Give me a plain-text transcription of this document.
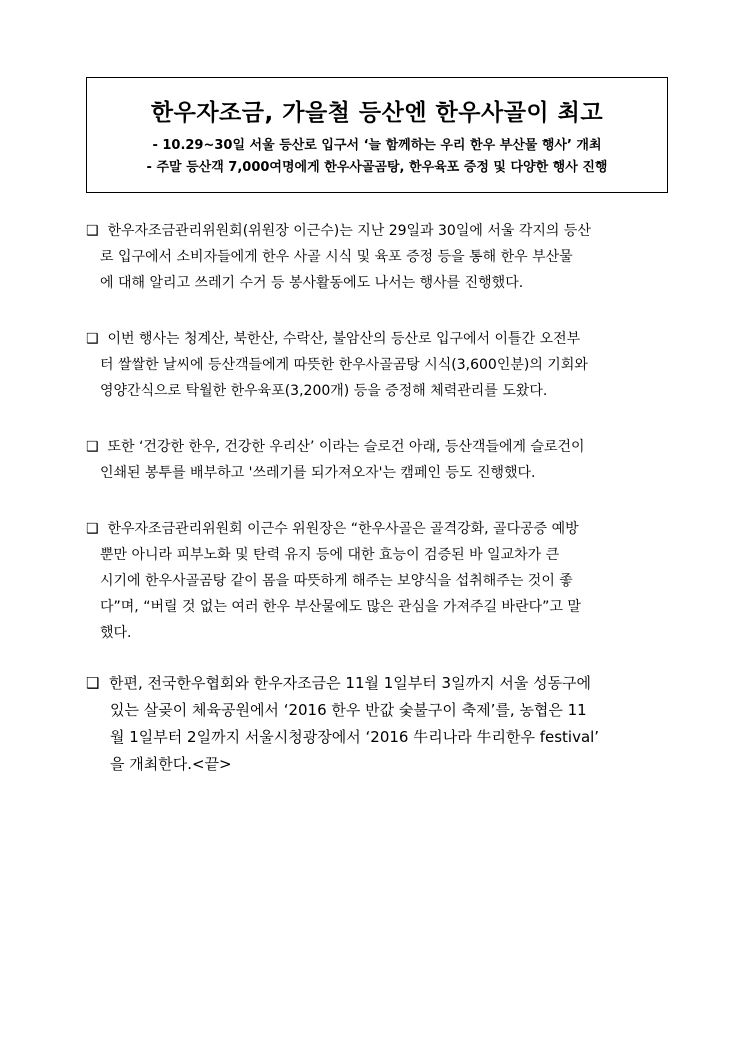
한우자조금, 가을철 등산엔 한우사골이 최고
- 10.29~30일 서울 등산로 입구서 ‘늘 함께하는 우리 한우 부산물 행사’ 개최
- 주말 등산객 7,000여명에게 한우사골곰탕, 한우육포 증정 및 다양한 행사 진행
❑ 한우자조금관리위원회(위원장 이근수)는 지난 29일과 30일에 서울 각지의 등산
로 입구에서 소비자들에게 한우 사골 시식 및 육포 증정 등을 통해 한우 부산물
에 대해 알리고 쓰레기 수거 등 봉사활동에도 나서는 행사를 진행했다.
❑ 이번 행사는 청계산, 북한산, 수락산, 불암산의 등산로 입구에서 이틀간 오전부
터 쌀쌀한 날씨에 등산객들에게 따뜻한 한우사골곰탕 시식(3,600인분)의 기회와
영양간식으로 탁월한 한우육포(3,200개) 등을 증정해 체력관리를 도왔다.
❑ 또한 ‘건강한 한우, 건강한 우리산’ 이라는 슬로건 아래, 등산객들에게 슬로건이
인쇄된 봉투를 배부하고 '쓰레기를 되가져오자'는 캠페인 등도 진행했다.
❑ 한우자조금관리위원회 이근수 위원장은 “한우사골은 골격강화, 골다공증 예방
뿐만 아니라 피부노화 및 탄력 유지 등에 대한 효능이 검증된 바 일교차가 큰
시기에 한우사골곰탕 같이 몸을 따뜻하게 해주는 보양식을 섭취해주는 것이 좋
다”며, “버릴 것 없는 여러 한우 부산물에도 많은 관심을 가져주길 바란다”고 말
했다.
❑ 한편, 전국한우협회와 한우자조금은 11월 1일부터 3일까지 서울 성동구에
있는 살곶이 체육공원에서 ‘2016 한우 반값 숯불구이 축제’를, 농협은 11
월 1일부터 2일까지 서울시청광장에서 ‘2016 牛리나라 牛리한우 festival’
을 개최한다.<끝>
